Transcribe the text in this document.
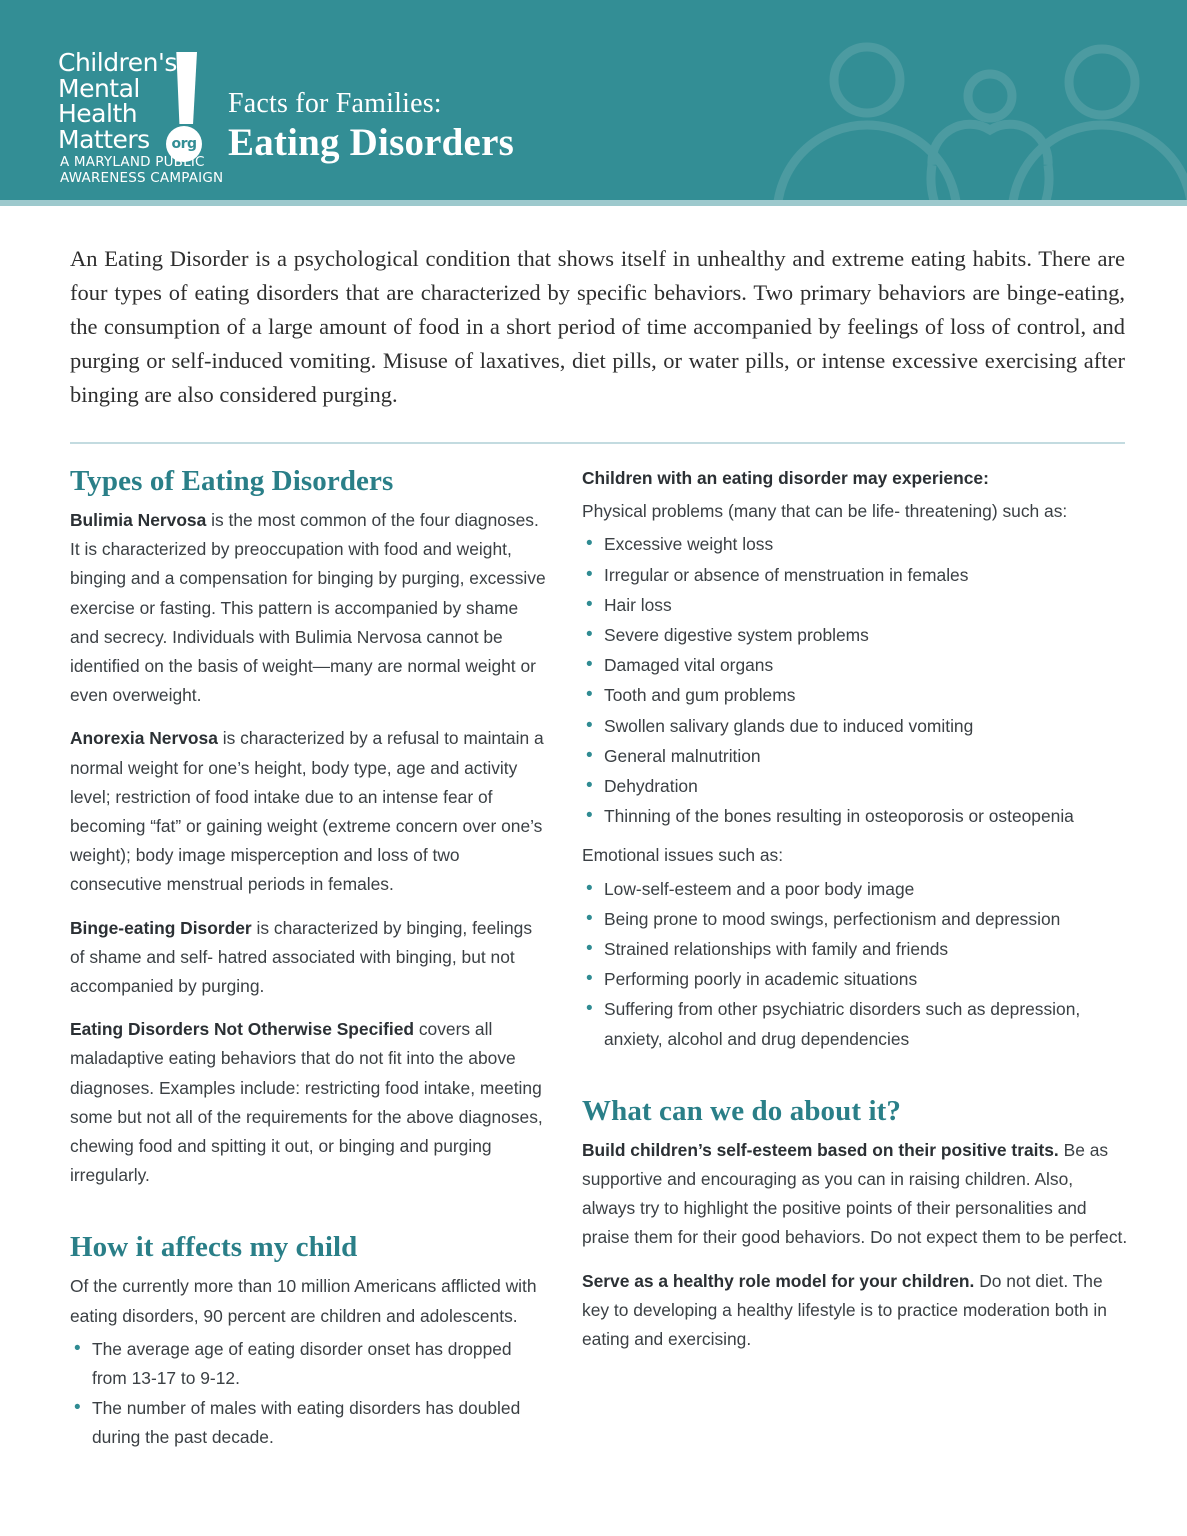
Children's
Mental
Health
Matters	org
A MARYLAND PUBLIC
AWARENESS CAMPAIGN
Facts for Families:
Eating Disorders

An Eating Disorder is a psychological condition that shows itself in unhealthy and extreme eating habits. There are four types of eating disorders that are characterized by specific behaviors. Two primary behaviors are binge-eating, the consumption of a large amount of food in a short period of time accompanied by feelings of loss of control, and purging or self-induced vomiting. Misuse of laxatives, diet pills, or water pills, or intense excessive exercising after binging are also considered purging.

Types of Eating Disorders

Bulimia Nervosa is the most common of the four diagnoses. It is characterized by preoccupation with food and weight, binging and a compensation for binging by purging, excessive exercise or fasting. This pattern is accompanied by shame and secrecy. Individuals with Bulimia Nervosa cannot be identified on the basis of weight—many are normal weight or even overweight.

Anorexia Nervosa is characterized by a refusal to maintain a normal weight for one’s height, body type, age and activity level; restriction of food intake due to an intense fear of becoming “fat” or gaining weight (extreme concern over one’s weight); body image misperception and loss of two consecutive menstrual periods in females.

Binge-eating Disorder is characterized by binging, feelings of shame and self- hatred associated with binging, but not accompanied by purging.

Eating Disorders Not Otherwise Specified covers all maladaptive eating behaviors that do not fit into the above diagnoses. Examples include: restricting food intake, meeting some but not all of the requirements for the above diagnoses, chewing food and spitting it out, or binging and purging irregularly.

How it affects my child

Of the currently more than 10 million Americans afflicted with eating disorders, 90 percent are children and adolescents.

• The average age of eating disorder onset has dropped from 13-17 to 9-12.
• The number of males with eating disorders has doubled during the past decade.

Children with an eating disorder may experience:

Physical problems (many that can be life- threatening) such as:

• Excessive weight loss
• Irregular or absence of menstruation in females
• Hair loss
• Severe digestive system problems
• Damaged vital organs
• Tooth and gum problems
• Swollen salivary glands due to induced vomiting
• General malnutrition
• Dehydration
• Thinning of the bones resulting in osteoporosis or osteopenia

Emotional issues such as:

• Low-self-esteem and a poor body image
• Being prone to mood swings, perfectionism and depression
• Strained relationships with family and friends
• Performing poorly in academic situations
• Suffering from other psychiatric disorders such as depression, anxiety, alcohol and drug dependencies
What can we do about it?

Build children’s self-esteem based on their positive traits. Be as supportive and encouraging as you can in raising children. Also, always try to highlight the positive points of their personalities and praise them for their good behaviors. Do not expect them to be perfect.

Serve as a healthy role model for your children. Do not diet. The key to developing a healthy lifestyle is to practice moderation both in eating and exercising.
